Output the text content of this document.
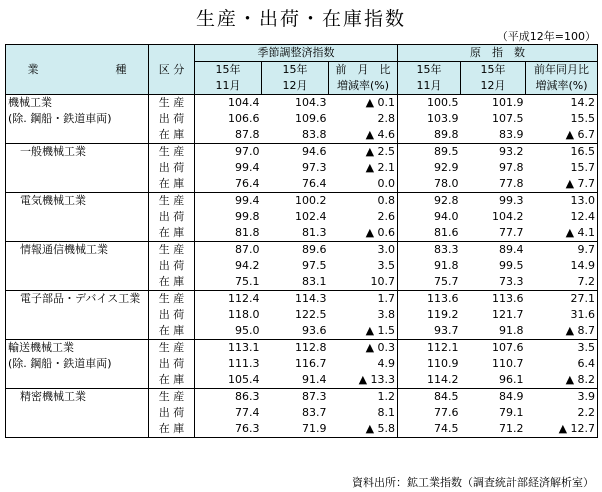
生産・出荷・在庫指数
（平成12年=100）
業　　　　　　　種	区 分	季節調整済指数			原　指　数		
		15年	15年	前　月　比	15年	15年	前年同月比
		11月	12月	増減率(%)	11月	12月	増減率(%)
機械工業	生 産	104.4	104.3	▲ 0.1	100.5	101.9	14.2
(除. 鋼船・鉄道車両)	出 荷	106.6	109.6	2.8	103.9	107.5	15.5
	在 庫	87.8	83.8	▲ 4.6	89.8	83.9	▲ 6.7
一般機械工業	生 産	97.0	94.6	▲ 2.5	89.5	93.2	16.5
	出 荷	99.4	97.3	▲ 2.1	92.9	97.8	15.7
	在 庫	76.4	76.4	0.0	78.0	77.8	▲ 7.7
電気機械工業	生 産	99.4	100.2	0.8	92.8	99.3	13.0
	出 荷	99.8	102.4	2.6	94.0	104.2	12.4
	在 庫	81.8	81.3	▲ 0.6	81.6	77.7	▲ 4.1
情報通信機械工業	生 産	87.0	89.6	3.0	83.3	89.4	9.7
	出 荷	94.2	97.5	3.5	91.8	99.5	14.9
	在 庫	75.1	83.1	10.7	75.7	73.3	7.2
電子部品・デバイス工業	生 産	112.4	114.3	1.7	113.6	113.6	27.1
	出 荷	118.0	122.5	3.8	119.2	121.7	31.6
	在 庫	95.0	93.6	▲ 1.5	93.7	91.8	▲ 8.7
輸送機械工業	生 産	113.1	112.8	▲ 0.3	112.1	107.6	3.5
(除. 鋼船・鉄道車両)	出 荷	111.3	116.7	4.9	110.9	110.7	6.4
	在 庫	105.4	91.4	▲ 13.3	114.2	96.1	▲ 8.2
精密機械工業	生 産	86.3	87.3	1.2	84.5	84.9	3.9
	出 荷	77.4	83.7	8.1	77.6	79.1	2.2
	在 庫	76.3	71.9	▲ 5.8	74.5	71.2	▲ 12.7
資料出所：鉱工業指数（調査統計部経済解析室）
